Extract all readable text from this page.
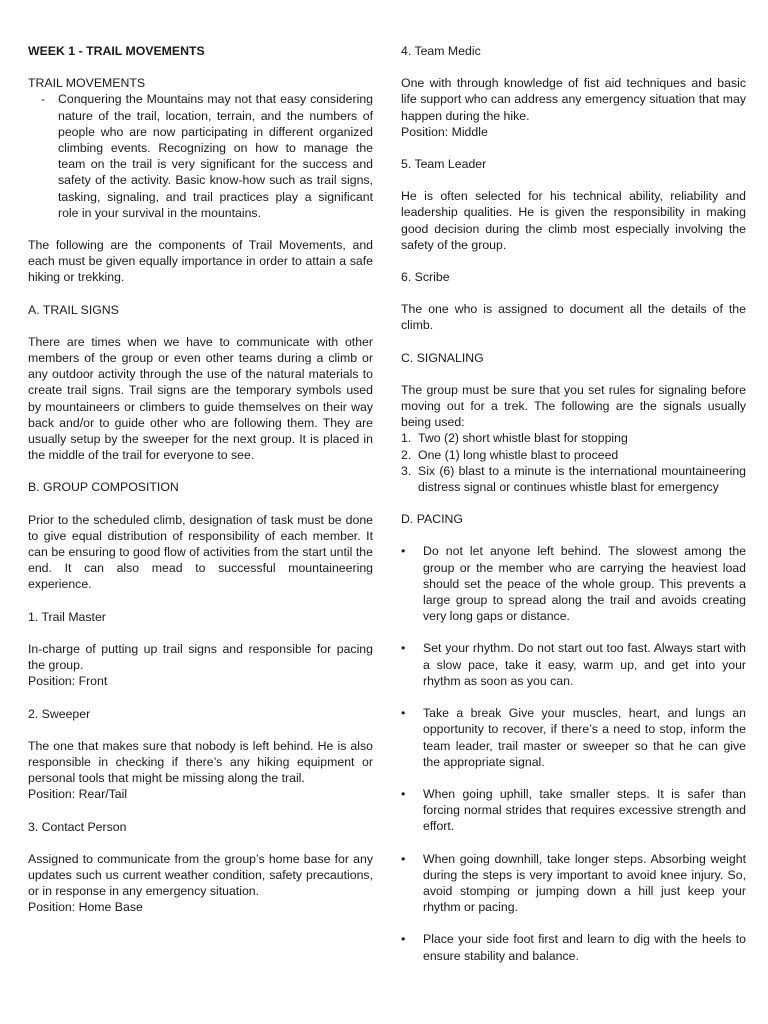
WEEK 1 - TRAIL MOVEMENTS

TRAIL MOVEMENTS

-	Conquering the Mountains may not that easy considering nature of the trail, location, terrain, and the numbers of people who are now participating in different organized climbing events. Recognizing on how to manage the team on the trail is very significant for the success and safety of the activity. Basic know-how such as trail signs, tasking, signaling, and trail practices play a significant role in your survival in the mountains.

The following are the components of Trail Movements, and each must be given equally importance in order to attain a safe hiking or trekking.

A. TRAIL SIGNS

There are times when we have to communicate with other members of the group or even other teams during a climb or any outdoor activity through the use of the natural materials to create trail signs. Trail signs are the temporary symbols used by mountaineers or climbers to guide themselves on their way back and/or to guide other who are following them. They are usually setup by the sweeper for the next group. It is placed in the middle of the trail for everyone to see.

B. GROUP COMPOSITION

Prior to the scheduled climb, designation of task must be done to give equal distribution of responsibility of each member. It can be ensuring to good flow of activities from the start until the end. It can also mead to successful mountaineering experience.

1. Trail Master

In-charge of putting up trail signs and responsible for pacing the group.

Position: Front

2. Sweeper

The one that makes sure that nobody is left behind. He is also responsible in checking if there’s any hiking equipment or personal tools that might be missing along the trail.

Position: Rear/Tail

3. Contact Person

Assigned to communicate from the group’s home base for any updates such us current weather condition, safety precautions, or in response in any emergency situation.

Position: Home Base

4. Team Medic

One with through knowledge of fist aid techniques and basic life support who can address any emergency situation that may happen during the hike.

Position: Middle

5. Team Leader

He is often selected for his technical ability, reliability and leadership qualities. He is given the responsibility in making good decision during the climb most especially involving the safety of the group.

6. Scribe

The one who is assigned to document all the details of the climb.

C. SIGNALING

The group must be sure that you set rules for signaling before moving out for a trek. The following are the signals usually being used:

1. Two (2) short whistle blast for stopping
2. One (1) long whistle blast to proceed
3. Six (6) blast to a minute is the international mountaineering distress signal or continues whistle blast for emergency

D. PACING

•	Do not let anyone left behind. The slowest among the group or the member who are carrying the heaviest load should set the peace of the whole group. This prevents a large group to spread along the trail and avoids creating very long gaps or distance.
•	Set your rhythm. Do not start out too fast. Always start with a slow pace, take it easy, warm up, and get into your rhythm as soon as you can.
•	Take a break Give your muscles, heart, and lungs an opportunity to recover, if there’s a need to stop, inform the team leader, trail master or sweeper so that he can give the appropriate signal.
•	When going uphill, take smaller steps. It is safer than forcing normal strides that requires excessive strength and effort.
•	When going downhill, take longer steps. Absorbing weight during the steps is very important to avoid knee injury. So, avoid stomping or jumping down a hill just keep your rhythm or pacing.
•	Place your side foot first and learn to dig with the heels to ensure stability and balance.
